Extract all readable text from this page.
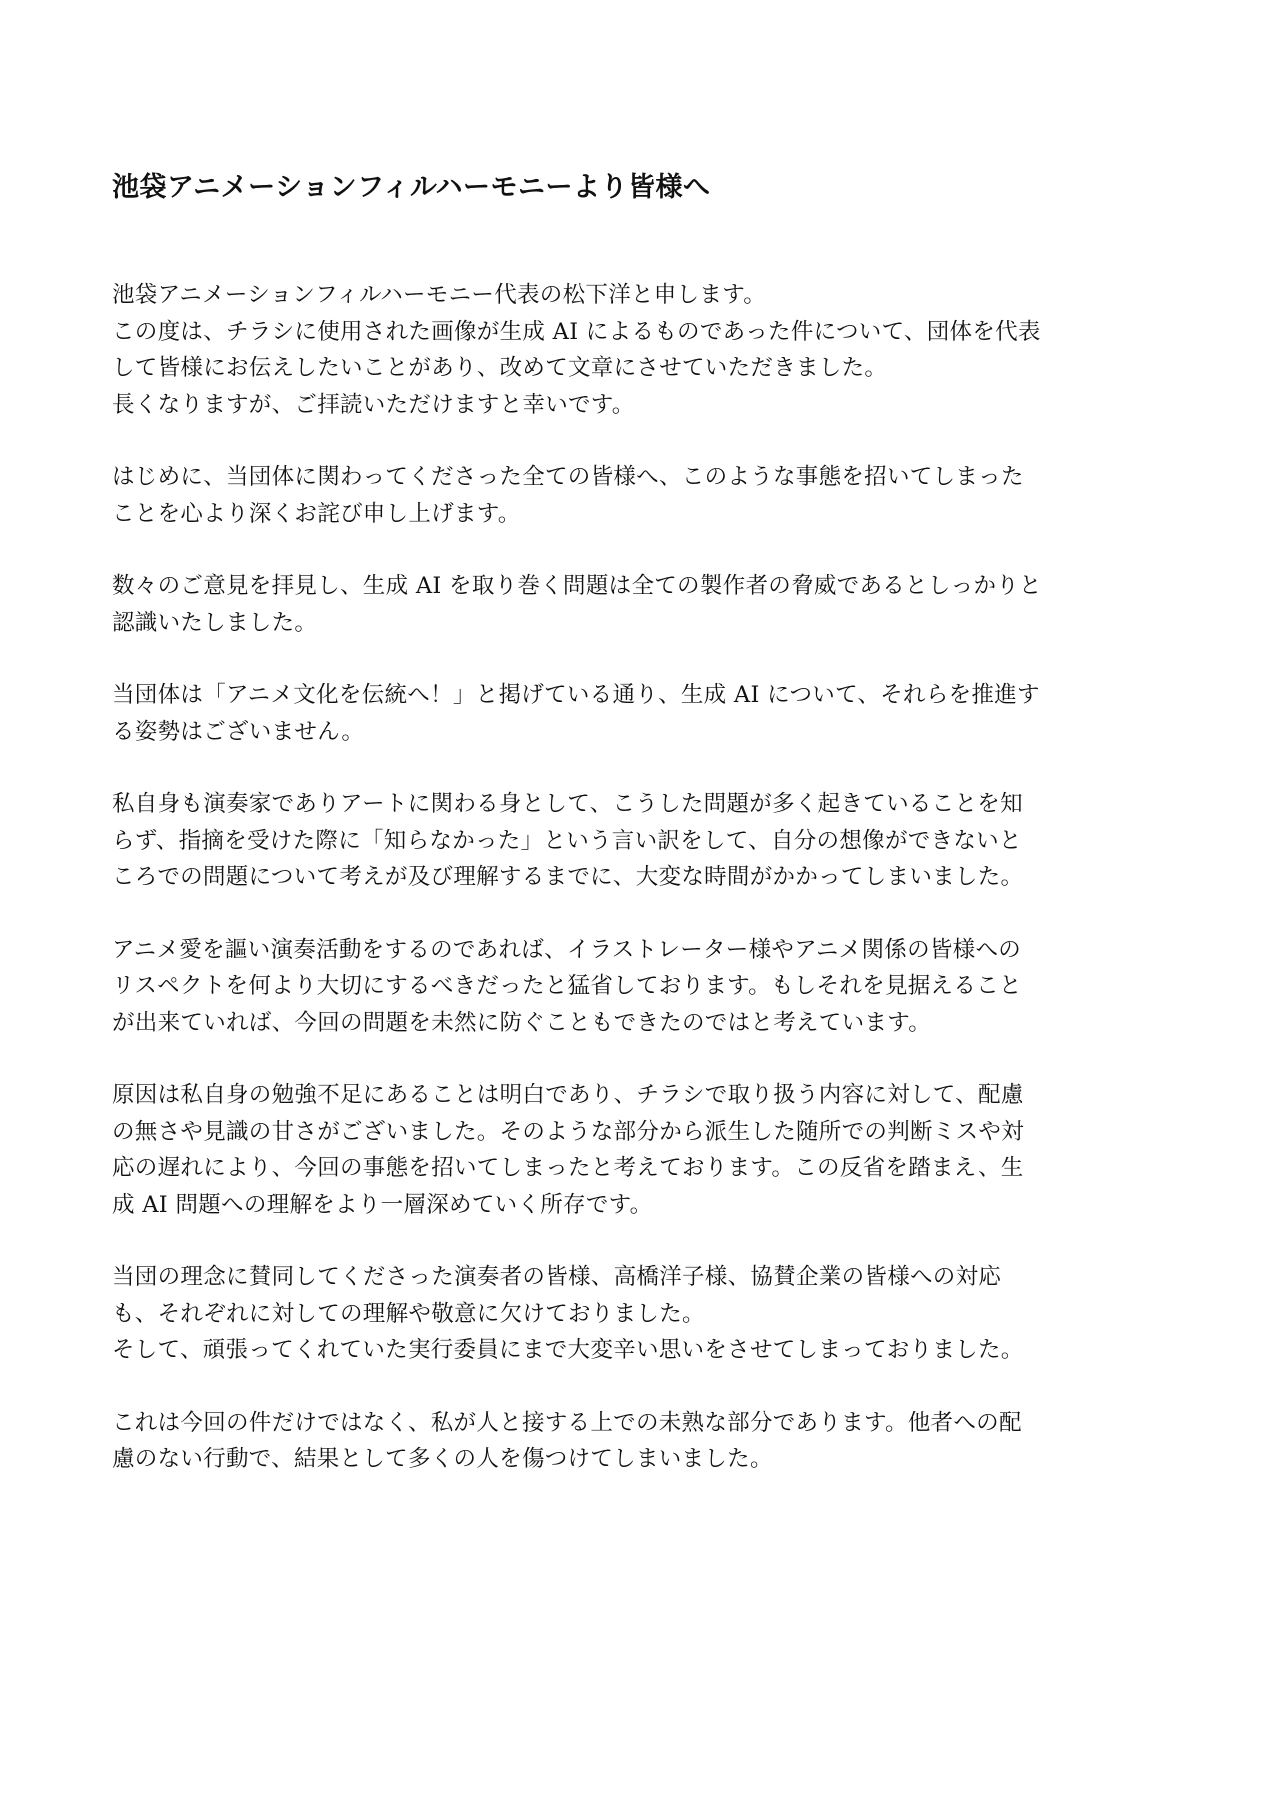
池袋アニメーションフィルハーモニーより皆様へ

池袋アニメーションフィルハーモニー代表の松下洋と申します。
この度は、チラシに使用された画像が生成 AI によるものであった件について、団体を代表
して皆様にお伝えしたいことがあり、改めて文章にさせていただきました。
長くなりますが、ご拝読いただけますと幸いです。

はじめに、当団体に関わってくださった全ての皆様へ、このような事態を招いてしまった
ことを心より深くお詫び申し上げます。

数々のご意見を拝見し、生成 AI を取り巻く問題は全ての製作者の脅威であるとしっかりと
認識いたしました。

当団体は「アニメ文化を伝統へ！」と掲げている通り、生成 AI について、それらを推進す
る姿勢はございません。

私自身も演奏家でありアートに関わる身として、こうした問題が多く起きていることを知
らず、指摘を受けた際に「知らなかった」という言い訳をして、自分の想像ができないと
ころでの問題について考えが及び理解するまでに、大変な時間がかかってしまいました。

アニメ愛を謳い演奏活動をするのであれば、イラストレーター様やアニメ関係の皆様への
リスペクトを何より大切にするべきだったと猛省しております。もしそれを見据えること
が出来ていれば、今回の問題を未然に防ぐこともできたのではと考えています。

原因は私自身の勉強不足にあることは明白であり、チラシで取り扱う内容に対して、配慮
の無さや見識の甘さがございました。そのような部分から派生した随所での判断ミスや対
応の遅れにより、今回の事態を招いてしまったと考えております。この反省を踏まえ、生
成 AI 問題への理解をより一層深めていく所存です。

当団の理念に賛同してくださった演奏者の皆様、高橋洋子様、協賛企業の皆様への対応
も、それぞれに対しての理解や敬意に欠けておりました。
そして、頑張ってくれていた実行委員にまで大変辛い思いをさせてしまっておりました。

これは今回の件だけではなく、私が人と接する上での未熟な部分であります。他者への配
慮のない行動で、結果として多くの人を傷つけてしまいました。
